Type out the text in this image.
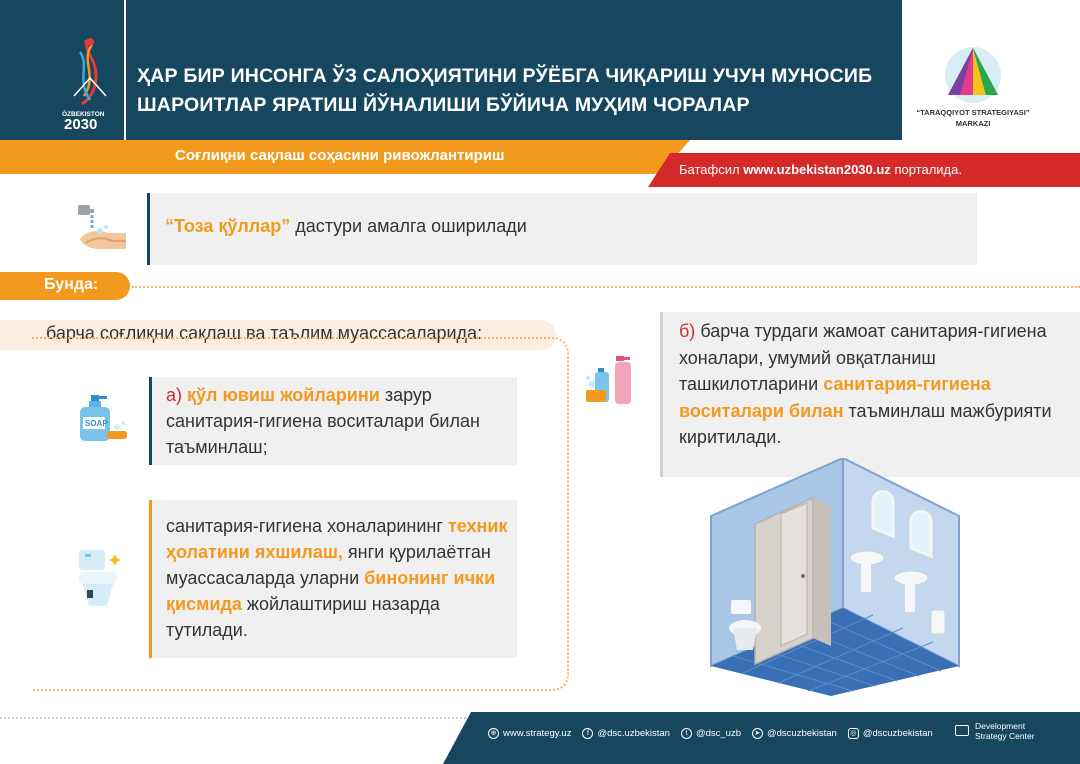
ÓZBEKISTON
2030
ҲАР БИР ИНСОНГА ЎЗ САЛОҲИЯТИНИ РЎЁБГА ЧИҚАРИШ УЧУН МУНОСИБ
ШАРОИТЛАР ЯРАТИШ ЙЎНАЛИШИ БЎЙИЧА МУҲИМ ЧОРАЛАР	“TARAQQIYOT STRATEGIYASI”
MARKAZI
Соғлиқни сақлаш соҳасини ривожлантириш
Батафсил www.uzbekistan2030.uz порталида.
“Тоза қўллар” дастури амалга оширилади
Бунда:
барча соғлиқни сақлаш ва таълим муассасаларида:
SOAP
а) қўл ювиш жойларини зарур санитария-гигиена воситалари билан таъминлаш;
санитария-гигиена хоналарининг техник ҳолатини яхшилаш, янги қурилаётган муассасаларда уларни бинонинг ички қисмида жойлаштириш назарда тутилади.
б) барча турдаги жамоат санитария-гигиена хоналари, умумий овқатланиш ташкилотларини санитария-гигиена воситалари билан таъминлаш мажбурияти киритилади.
⊕ www.strategy.uz	f @dsc.uzbekistan	t @dsc_uzb	➤ @dscuzbekistan	◎ @dscuzbekistan
Development
Strategy Center
